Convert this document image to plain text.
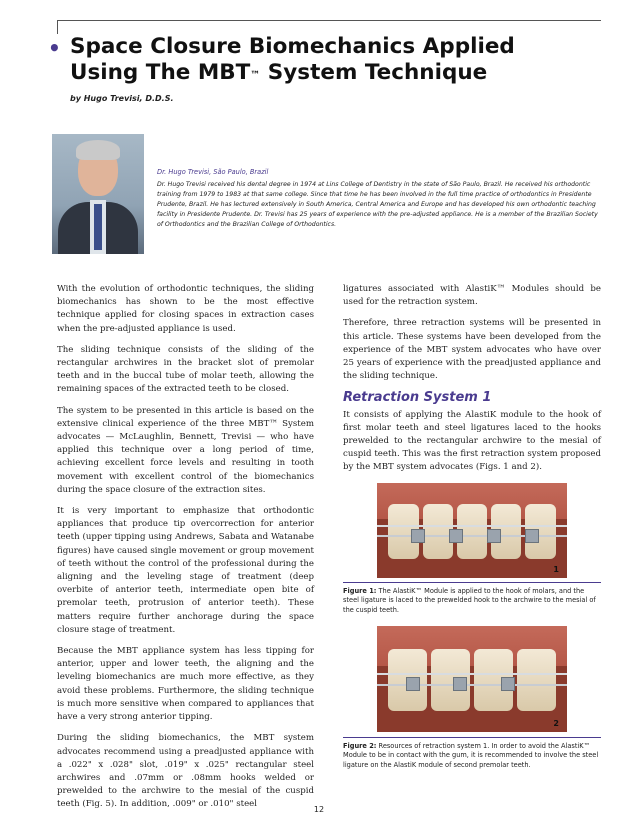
• Space Closure Biomechanics Applied
Using The MBT™ System Technique
by Hugo Trevisi, D.D.S.
Dr. Hugo Trevisi, São Paulo, Brazil
Dr. Hugo Trevisi received his dental degree in 1974 at Lins College of Dentistry in the state of São Paulo, Brazil. He received his orthodontic training from 1979 to 1983 at that same college. Since that time he has been involved in the full time practice of orthodontics in Presidente Prudente, Brazil. He has lectured extensively in South America, Central America and Europe and has developed his own orthodontic teaching facility in Presidente Prudente. Dr. Trevisi has 25 years of experience with the pre-adjusted appliance. He is a member of the Brazilian Society of Orthodontics and the Brazilian College of Orthodontics.

With the evolution of orthodontic techniques, the sliding biomechanics has shown to be the most effective technique applied for closing spaces in extraction cases when the pre-adjusted appliance is used.

The sliding technique consists of the sliding of the rectangular archwires in the bracket slot of premolar teeth and in the buccal tube of molar teeth, allowing the remaining spaces of the extracted teeth to be closed.

The system to be presented in this article is based on the extensive clinical experience of the three MBT™ System advocates — McLaughlin, Bennett, Trevisi — who have applied this technique over a long period of time, achieving excellent force levels and resulting in tooth movement with excellent control of the biomechanics during the space closure of the extraction sites.

It is very important to emphasize that orthodontic appliances that produce tip overcorrection for anterior teeth (upper tipping using Andrews, Sabata and Watanabe figures) have caused single movement or group movement of teeth without the control of the professional during the aligning and the leveling stage of treatment (deep overbite of anterior teeth, intermediate open bite of premolar teeth, protrusion of anterior teeth). These matters require further anchorage during the space closure stage of treatment.

Because the MBT appliance system has less tipping for anterior, upper and lower teeth, the aligning and the leveling biomechanics are much more effective, as they avoid these problems. Furthermore, the sliding technique is much more sensitive when compared to appliances that have a very strong anterior tipping.

During the sliding biomechanics, the MBT system advocates recommend using a preadjusted appliance with a .022" x .028" slot, .019" x .025" rectangular steel archwires and .07mm or .08mm hooks welded or prewelded to the archwire to the mesial of the cuspid teeth (Fig. 5). In addition, .009" or .010" steel

ligatures associated with AlastiK™ Modules should be used for the retraction system.

Therefore, three retraction systems will be presented in this article. These systems have been developed from the experience of the MBT system advocates who have over 25 years of experience with the preadjusted appliance and the sliding technique.

Retraction System 1

It consists of applying the AlastiK module to the hook of first molar teeth and steel ligatures laced to the hooks prewelded to the rectangular archwire to the mesial of cuspid teeth. This was the first retraction system proposed by the MBT system advocates (Figs. 1 and 2).

1
Figure 1: The AlastiK™ Module is applied to the hook of molars, and the steel ligature is laced to the prewelded hook to the archwire to the mesial of the cuspid teeth.
2
Figure 2: Resources of retraction system 1. In order to avoid the AlastiK™ Module to be in contact with the gum, it is recommended to involve the steel ligature on the AlastiK module of second premolar teeth.
12
